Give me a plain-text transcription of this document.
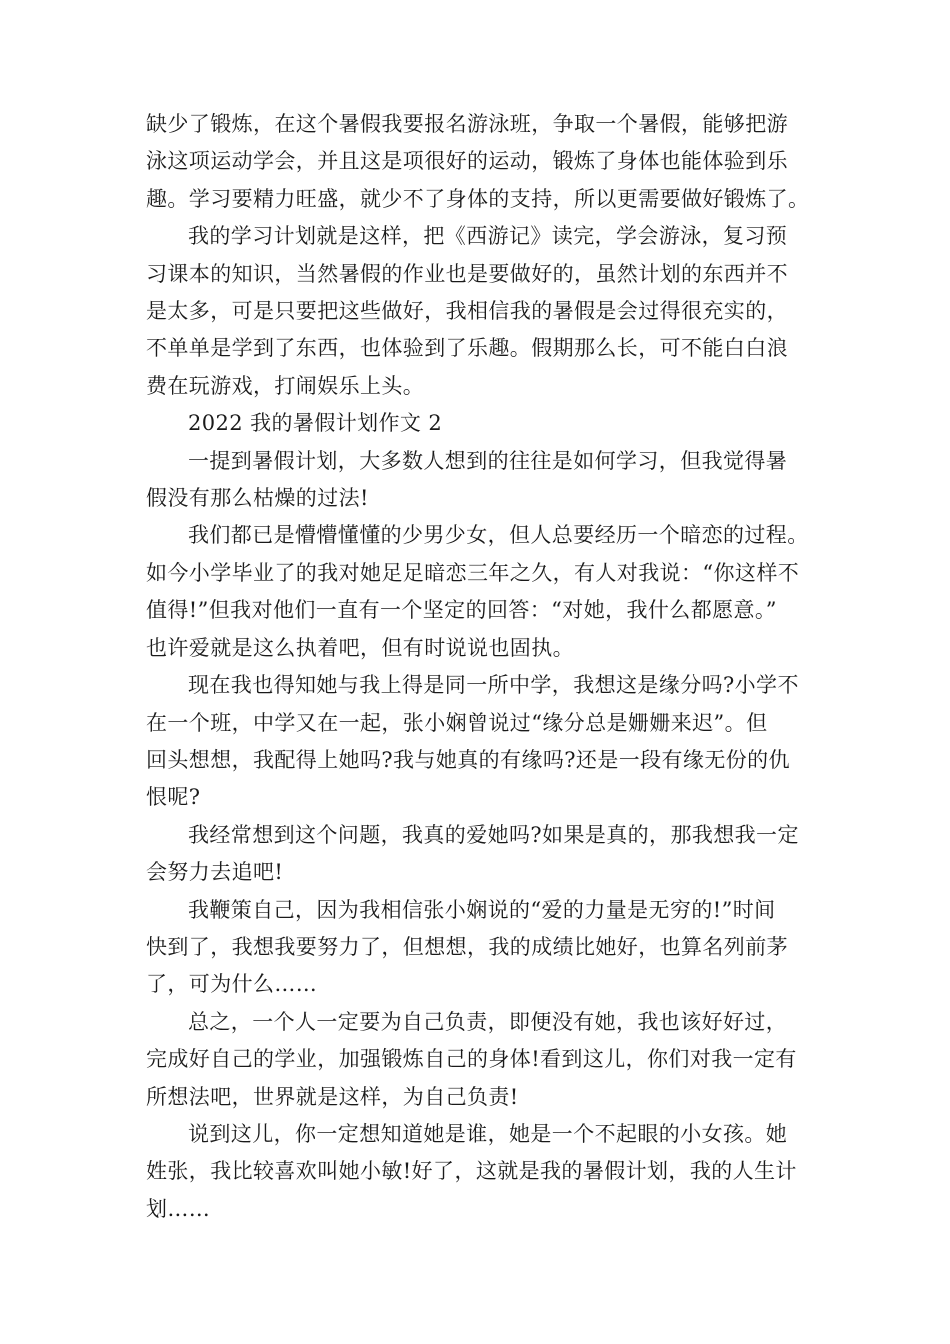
缺少了锻炼，在这个暑假我要报名游泳班，争取一个暑假，能够把游
泳这项运动学会，并且这是项很好的运动，锻炼了身体也能体验到乐
趣。学习要精力旺盛，就少不了身体的支持，所以更需要做好锻炼了。

我的学习计划就是这样，把《西游记》读完，学会游泳，复习预
习课本的知识，当然暑假的作业也是要做好的，虽然计划的东西并不
是太多，可是只要把这些做好，我相信我的暑假是会过得很充实的，
不单单是学到了东西，也体验到了乐趣。假期那么长，可不能白白浪
费在玩游戏，打闹娱乐上头。

2022 我的暑假计划作文 2

一提到暑假计划，大多数人想到的往往是如何学习，但我觉得暑
假没有那么枯燥的过法!

我们都已是懵懵懂懂的少男少女，但人总要经历一个暗恋的过程。
如今小学毕业了的我对她足足暗恋三年之久，有人对我说：“你这样不
值得!”但我对他们一直有一个坚定的回答：“对她，我什么都愿意。”
也许爱就是这么执着吧，但有时说说也固执。

现在我也得知她与我上得是同一所中学，我想这是缘分吗?小学不
在一个班，中学又在一起，张小娴曾说过“缘分总是姗姗来迟”。但
回头想想，我配得上她吗?我与她真的有缘吗?还是一段有缘无份的仇
恨呢?

我经常想到这个问题，我真的爱她吗?如果是真的，那我想我一定
会努力去追吧!

我鞭策自己，因为我相信张小娴说的“爱的力量是无穷的!”时间
快到了，我想我要努力了，但想想，我的成绩比她好，也算名列前茅
了，可为什么……

总之，一个人一定要为自己负责，即便没有她，我也该好好过，
完成好自己的学业，加强锻炼自己的身体!看到这儿，你们对我一定有
所想法吧，世界就是这样，为自己负责!

说到这儿，你一定想知道她是谁，她是一个不起眼的小女孩。她
姓张，我比较喜欢叫她小敏!好了，这就是我的暑假计划，我的人生计
划……
